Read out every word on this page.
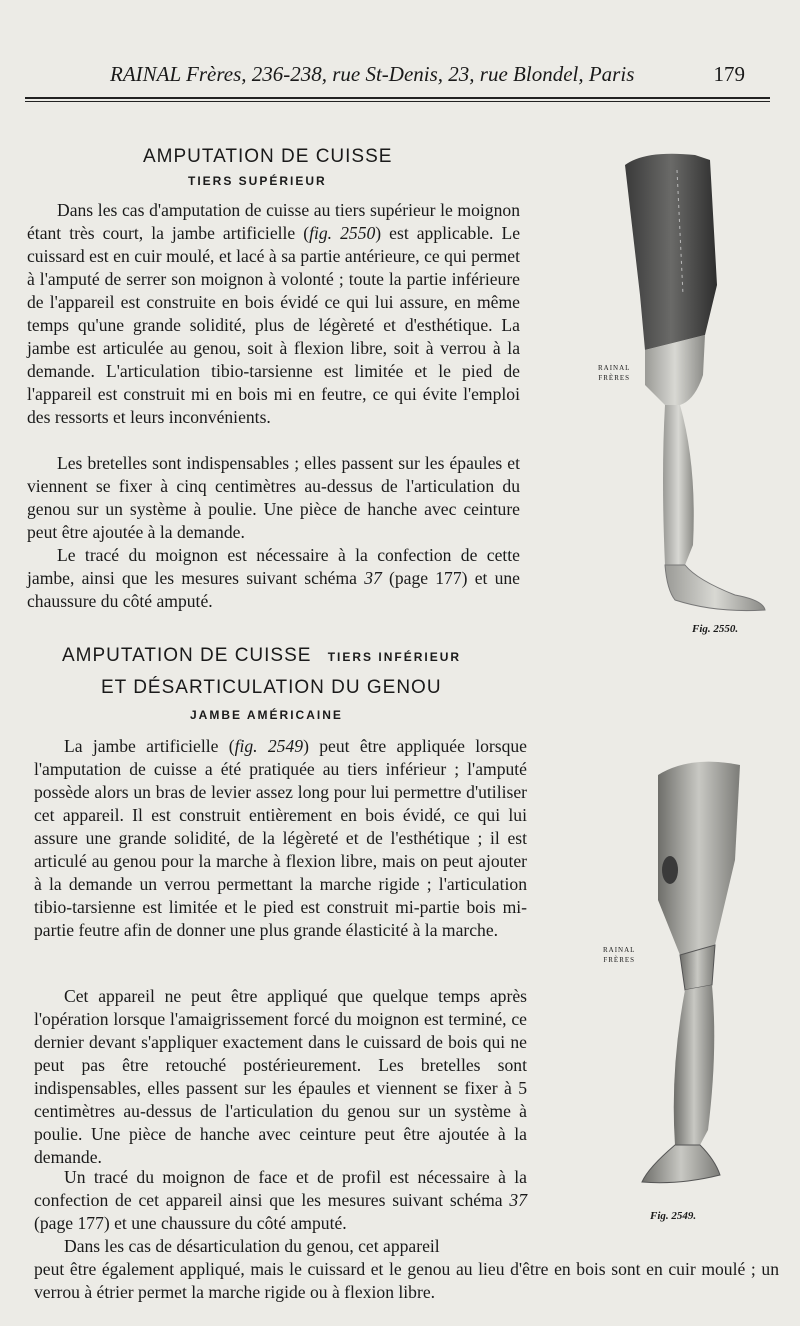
RAINAL Frères, 236-238, rue St-Denis, 23, rue Blondel, Paris	179
AMPUTATION DE CUISSE
TIERS SUPÉRIEUR

Dans les cas d'amputation de cuisse au tiers supérieur le moignon étant très court, la jambe artificielle (fig. 2550) est applicable. Le cuissard est en cuir moulé, et lacé à sa partie antérieure, ce qui permet à l'amputé de serrer son moignon à volonté ; toute la partie inférieure de l'appareil est construite en bois évidé ce qui lui assure, en même temps qu'une grande solidité, plus de légèreté et d'esthétique. La jambe est articulée au genou, soit à flexion libre, soit à verrou à la demande. L'articulation tibio-tarsienne est limitée et le pied de l'appareil est construit mi en bois mi en feutre, ce qui évite l'emploi des ressorts et leurs inconvénients.

Les bretelles sont indispensables ; elles passent sur les épaules et viennent se fixer à cinq centimètres au-dessus de l'articulation du genou sur un système à poulie. Une pièce de hanche avec ceinture peut être ajoutée à la demande.

Le tracé du moignon est nécessaire à la confection de cette jambe, ainsi que les mesures suivant schéma 37 (page 177) et une chaussure du côté amputé.

AMPUTATION DE CUISSE TIERS INFÉRIEUR
ET DÉSARTICULATION DU GENOU
JAMBE AMÉRICAINE

La jambe artificielle (fig. 2549) peut être appliquée lorsque l'amputation de cuisse a été pratiquée au tiers inférieur ; l'amputé possède alors un bras de levier assez long pour lui permettre d'utiliser cet appareil. Il est construit entièrement en bois évidé, ce qui lui assure une grande solidité, de la légèreté et de l'esthétique ; il est articulé au genou pour la marche à flexion libre, mais on peut ajouter à la demande un verrou permettant la marche rigide ; l'articulation tibio-tarsienne est limitée et le pied est construit mi-partie bois mi-partie feutre afin de donner une plus grande élasticité à la marche.

Cet appareil ne peut être appliqué que quelque temps après l'opération lorsque l'amaigrissement forcé du moignon est terminé, ce dernier devant s'appliquer exactement dans le cuissard de bois qui ne peut pas être retouché postérieurement. Les bretelles sont indispensables, elles passent sur les épaules et viennent se fixer à 5 centimètres au-dessus de l'articulation du genou sur un système à poulie. Une pièce de hanche avec ceinture peut être ajoutée à la demande.

Un tracé du moignon de face et de profil est nécessaire à la confection de cet appareil ainsi que les mesures suivant schéma 37 (page 177) et une chaussure du côté amputé.

Dans les cas de désarticulation du genou, cet appareil

peut être également appliqué, mais le cuissard et le genou au lieu d'être en bois sont en cuir moulé ; un verrou à étrier permet la marche rigide ou à flexion libre.

RAINAL
FRÈRES
Fig. 2550.
RAINAL
FRÈRES
Fig. 2549.
